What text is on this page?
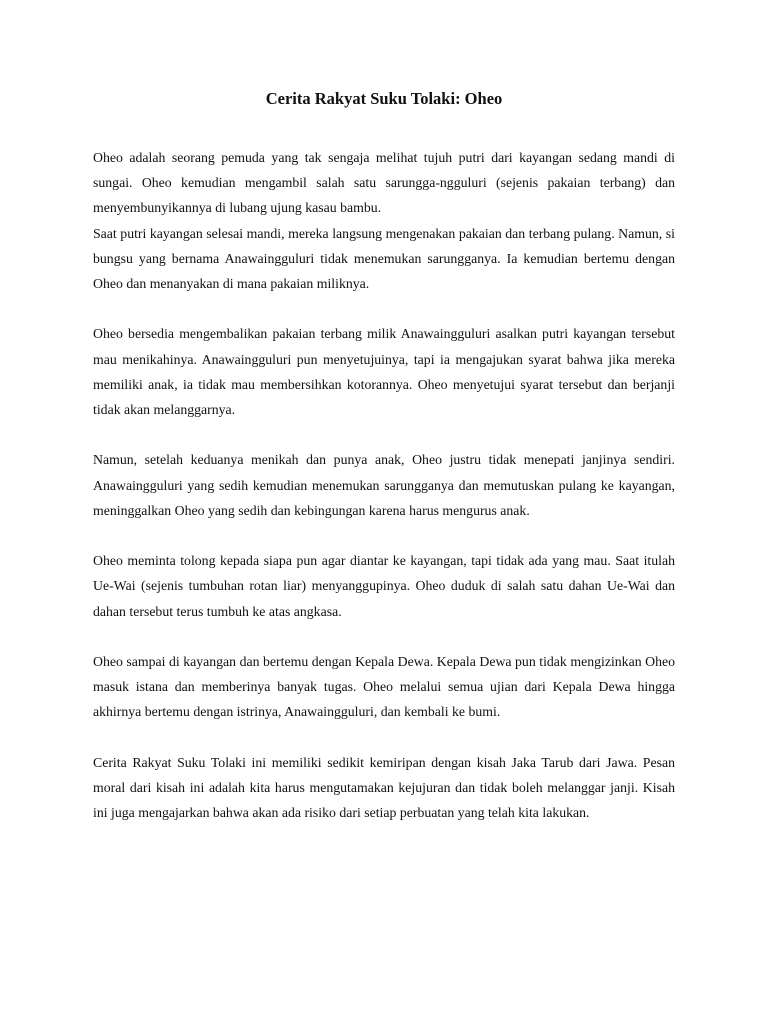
Cerita Rakyat Suku Tolaki: Oheo

Oheo adalah seorang pemuda yang tak sengaja melihat tujuh putri dari kayangan sedang mandi di sungai. Oheo kemudian mengambil salah satu sarungga-ngguluri (sejenis pakaian terbang) dan menyembunyikannya di lubang ujung kasau bambu.

Saat putri kayangan selesai mandi, mereka langsung mengenakan pakaian dan terbang pulang. Namun, si bungsu yang bernama Anawaingguluri tidak menemukan sarungganya. Ia kemudian bertemu dengan Oheo dan menanyakan di mana pakaian miliknya.

Oheo bersedia mengembalikan pakaian terbang milik Anawaingguluri asalkan putri kayangan tersebut mau menikahinya. Anawaingguluri pun menyetujuinya, tapi ia mengajukan syarat bahwa jika mereka memiliki anak, ia tidak mau membersihkan kotorannya. Oheo menyetujui syarat tersebut dan berjanji tidak akan melanggarnya.

Namun, setelah keduanya menikah dan punya anak, Oheo justru tidak menepati janjinya sendiri. Anawaingguluri yang sedih kemudian menemukan sarungganya dan memutuskan pulang ke kayangan, meninggalkan Oheo yang sedih dan kebingungan karena harus mengurus anak.

Oheo meminta tolong kepada siapa pun agar diantar ke kayangan, tapi tidak ada yang mau. Saat itulah Ue-Wai (sejenis tumbuhan rotan liar) menyanggupinya. Oheo duduk di salah satu dahan Ue-Wai dan dahan tersebut terus tumbuh ke atas angkasa.

Oheo sampai di kayangan dan bertemu dengan Kepala Dewa. Kepala Dewa pun tidak mengizinkan Oheo masuk istana dan memberinya banyak tugas. Oheo melalui semua ujian dari Kepala Dewa hingga akhirnya bertemu dengan istrinya, Anawaingguluri, dan kembali ke bumi.

Cerita Rakyat Suku Tolaki ini memiliki sedikit kemiripan dengan kisah Jaka Tarub dari Jawa. Pesan moral dari kisah ini adalah kita harus mengutamakan kejujuran dan tidak boleh melanggar janji. Kisah ini juga mengajarkan bahwa akan ada risiko dari setiap perbuatan yang telah kita lakukan.
